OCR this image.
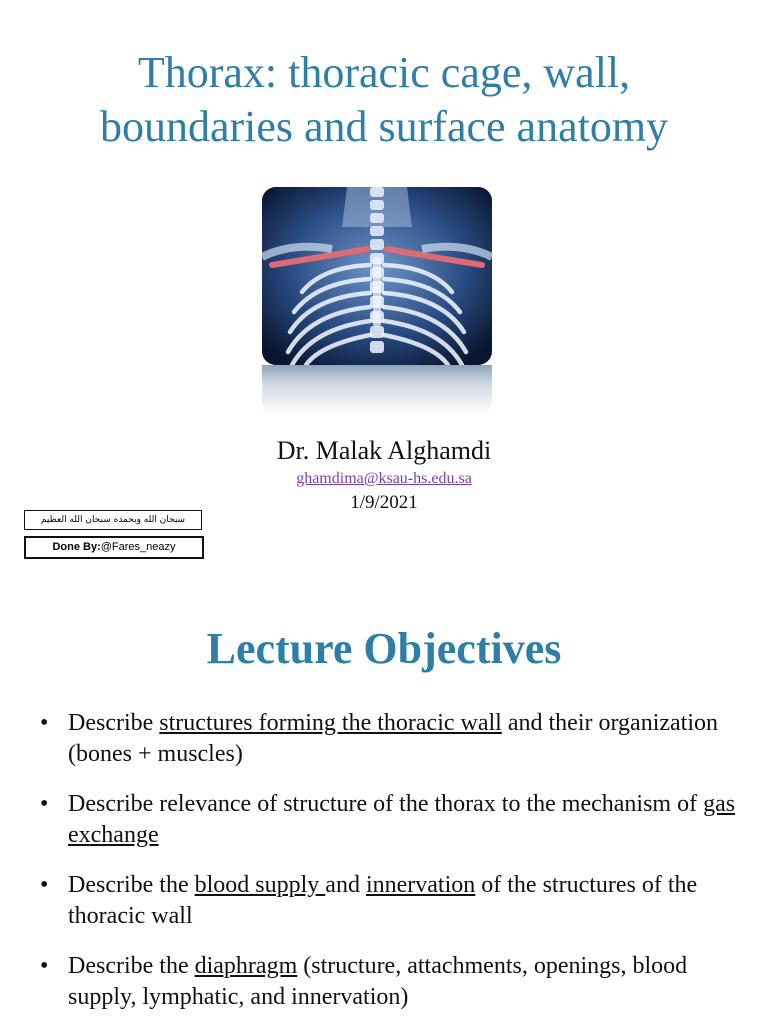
Thorax: thoracic cage, wall,
boundaries and surface anatomy

Dr. Malak Alghamdi

ghamdima@ksau-hs.edu.sa
1/9/2021
سبحان الله وبحمده سبحان الله العظيم
Done By:@Fares_neazy
Lecture Objectives
• Describe structures forming the thoracic wall and their organization (bones + muscles)
• Describe relevance of structure of the thorax to the mechanism of gas exchange
• Describe the blood supply and innervation of the structures of the thoracic wall
• Describe the diaphragm (structure, attachments, openings, blood supply, lymphatic, and innervation)
